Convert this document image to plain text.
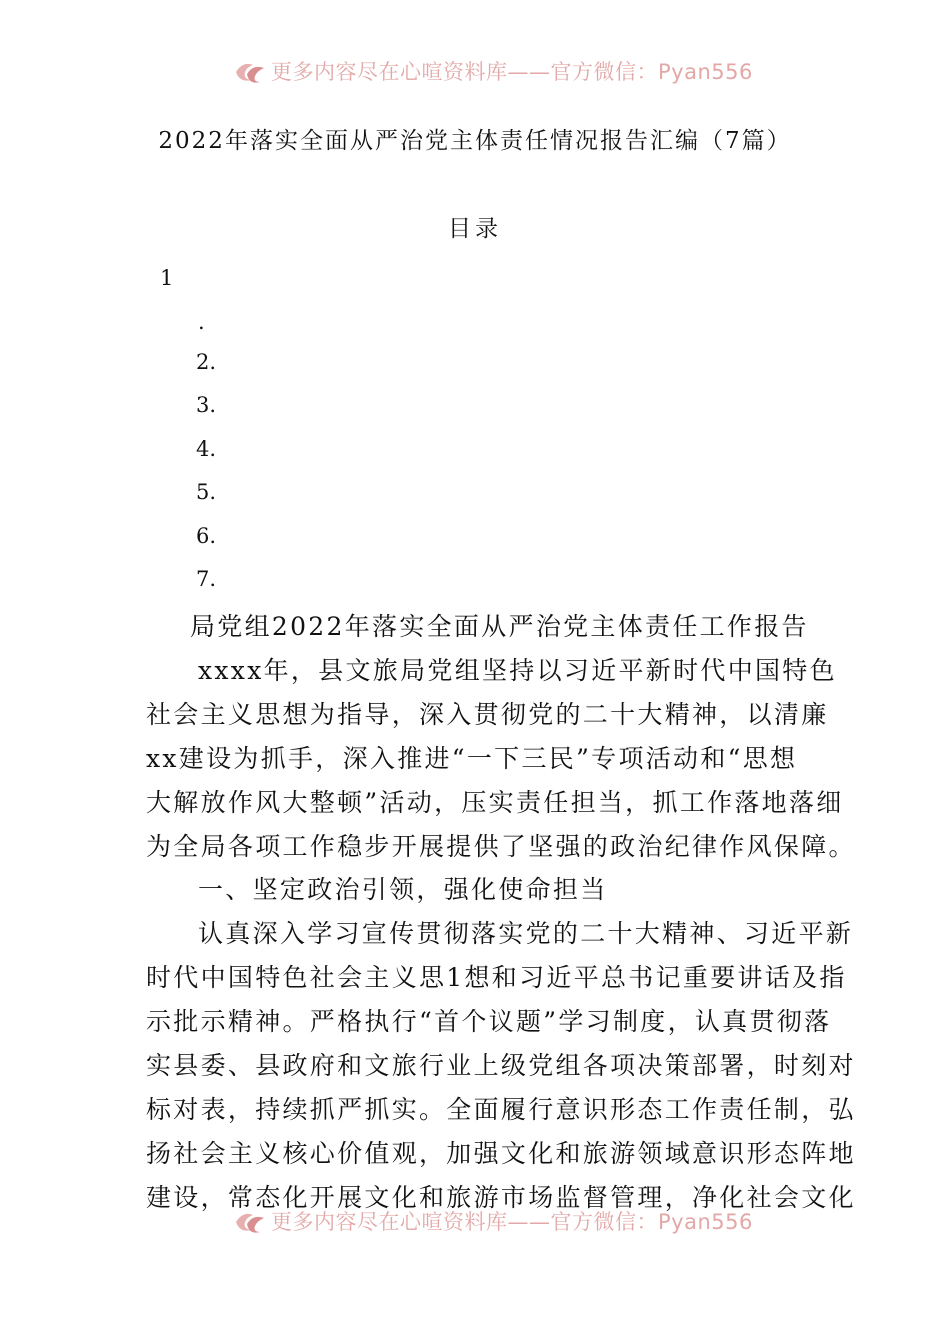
更多内容尽在心喧资料库——官方微信：Pyan556
2022年落实全面从严治党主体责任情况报告汇编（7篇）
目录
1
.
2.
3.
4.
5.
6.
7.
局党组2022年落实全面从严治党主体责任工作报告
xxxx年，县文旅局党组坚持以习近平新时代中国特色
社会主义思想为指导，深入贯彻党的二十大精神，以清廉
xx建设为抓手，深入推进“一下三民”专项活动和“思想
大解放作风大整顿”活动，压实责任担当，抓工作落地落细
为全局各项工作稳步开展提供了坚强的政治纪律作风保障。
一、坚定政治引领，强化使命担当
认真深入学习宣传贯彻落实党的二十大精神、习近平新
时代中国特色社会主义思1想和习近平总书记重要讲话及指
示批示精神。严格执行“首个议题”学习制度，认真贯彻落
实县委、县政府和文旅行业上级党组各项决策部署，时刻对
标对表，持续抓严抓实。全面履行意识形态工作责任制，弘
扬社会主义核心价值观，加强文化和旅游领域意识形态阵地
建设，常态化开展文化和旅游市场监督管理，净化社会文化
更多内容尽在心喧资料库——官方微信：Pyan556
